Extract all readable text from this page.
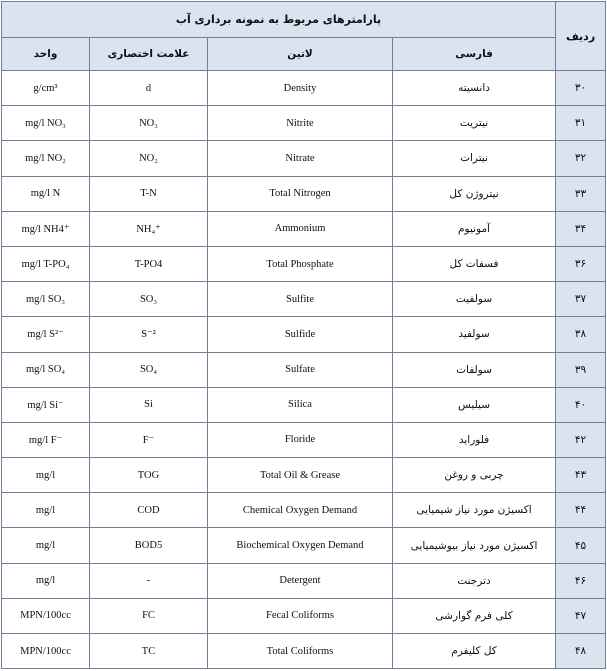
پارامترهای مربوط به نمونه برداری آب				ردیف
واحد	علامت اختصاری	لاتین	فارسی	
g/cm³	d	Density	دانسیته	۳۰
mg/l NO₃	NO₃	Nitrite	نیتریت	۳۱
mg/l NO₂	NO₂	Nitrate	نیترات	۳۲
mg/l N	T-N	Total Nitrogen	نیتروژن کل	۳۳
mg/l NH4⁺	NH₄⁺	Ammonium	آمونیوم	۳۴
mg/l T-PO₄	T-PO4	Total Phosphate	فسفات کل	۳۶
mg/l SO₃	SO₃	Sulfite	سولفیت	۳۷
mg/l S²⁻	S⁻²	Sulfide	سولفید	۳۸
mg/l SO₄	SO₄	Sulfate	سولفات	۳۹
mg/l Si⁻	Si	Silica	سیلیس	۴۰
mg/l F⁻	F⁻	Floride	فلوراید	۴۲
mg/l	TOG	Total Oil & Grease	چربی و روغن	۴۳
mg/l	COD	Chemical Oxygen Demand	اکسیژن مورد نیاز شیمیایی	۴۴
mg/l	BOD5	Biochemical Oxygen Demand	اکسیژن مورد نیاز بیوشیمیایی	۴۵
mg/l	-	Detergent	دترجنت	۴۶
MPN/100cc	FC	Fecal Coliforms	کلی فرم گوارشی	۴۷
MPN/100cc	TC	Total Coliforms	کل کلیفرم	۴۸
